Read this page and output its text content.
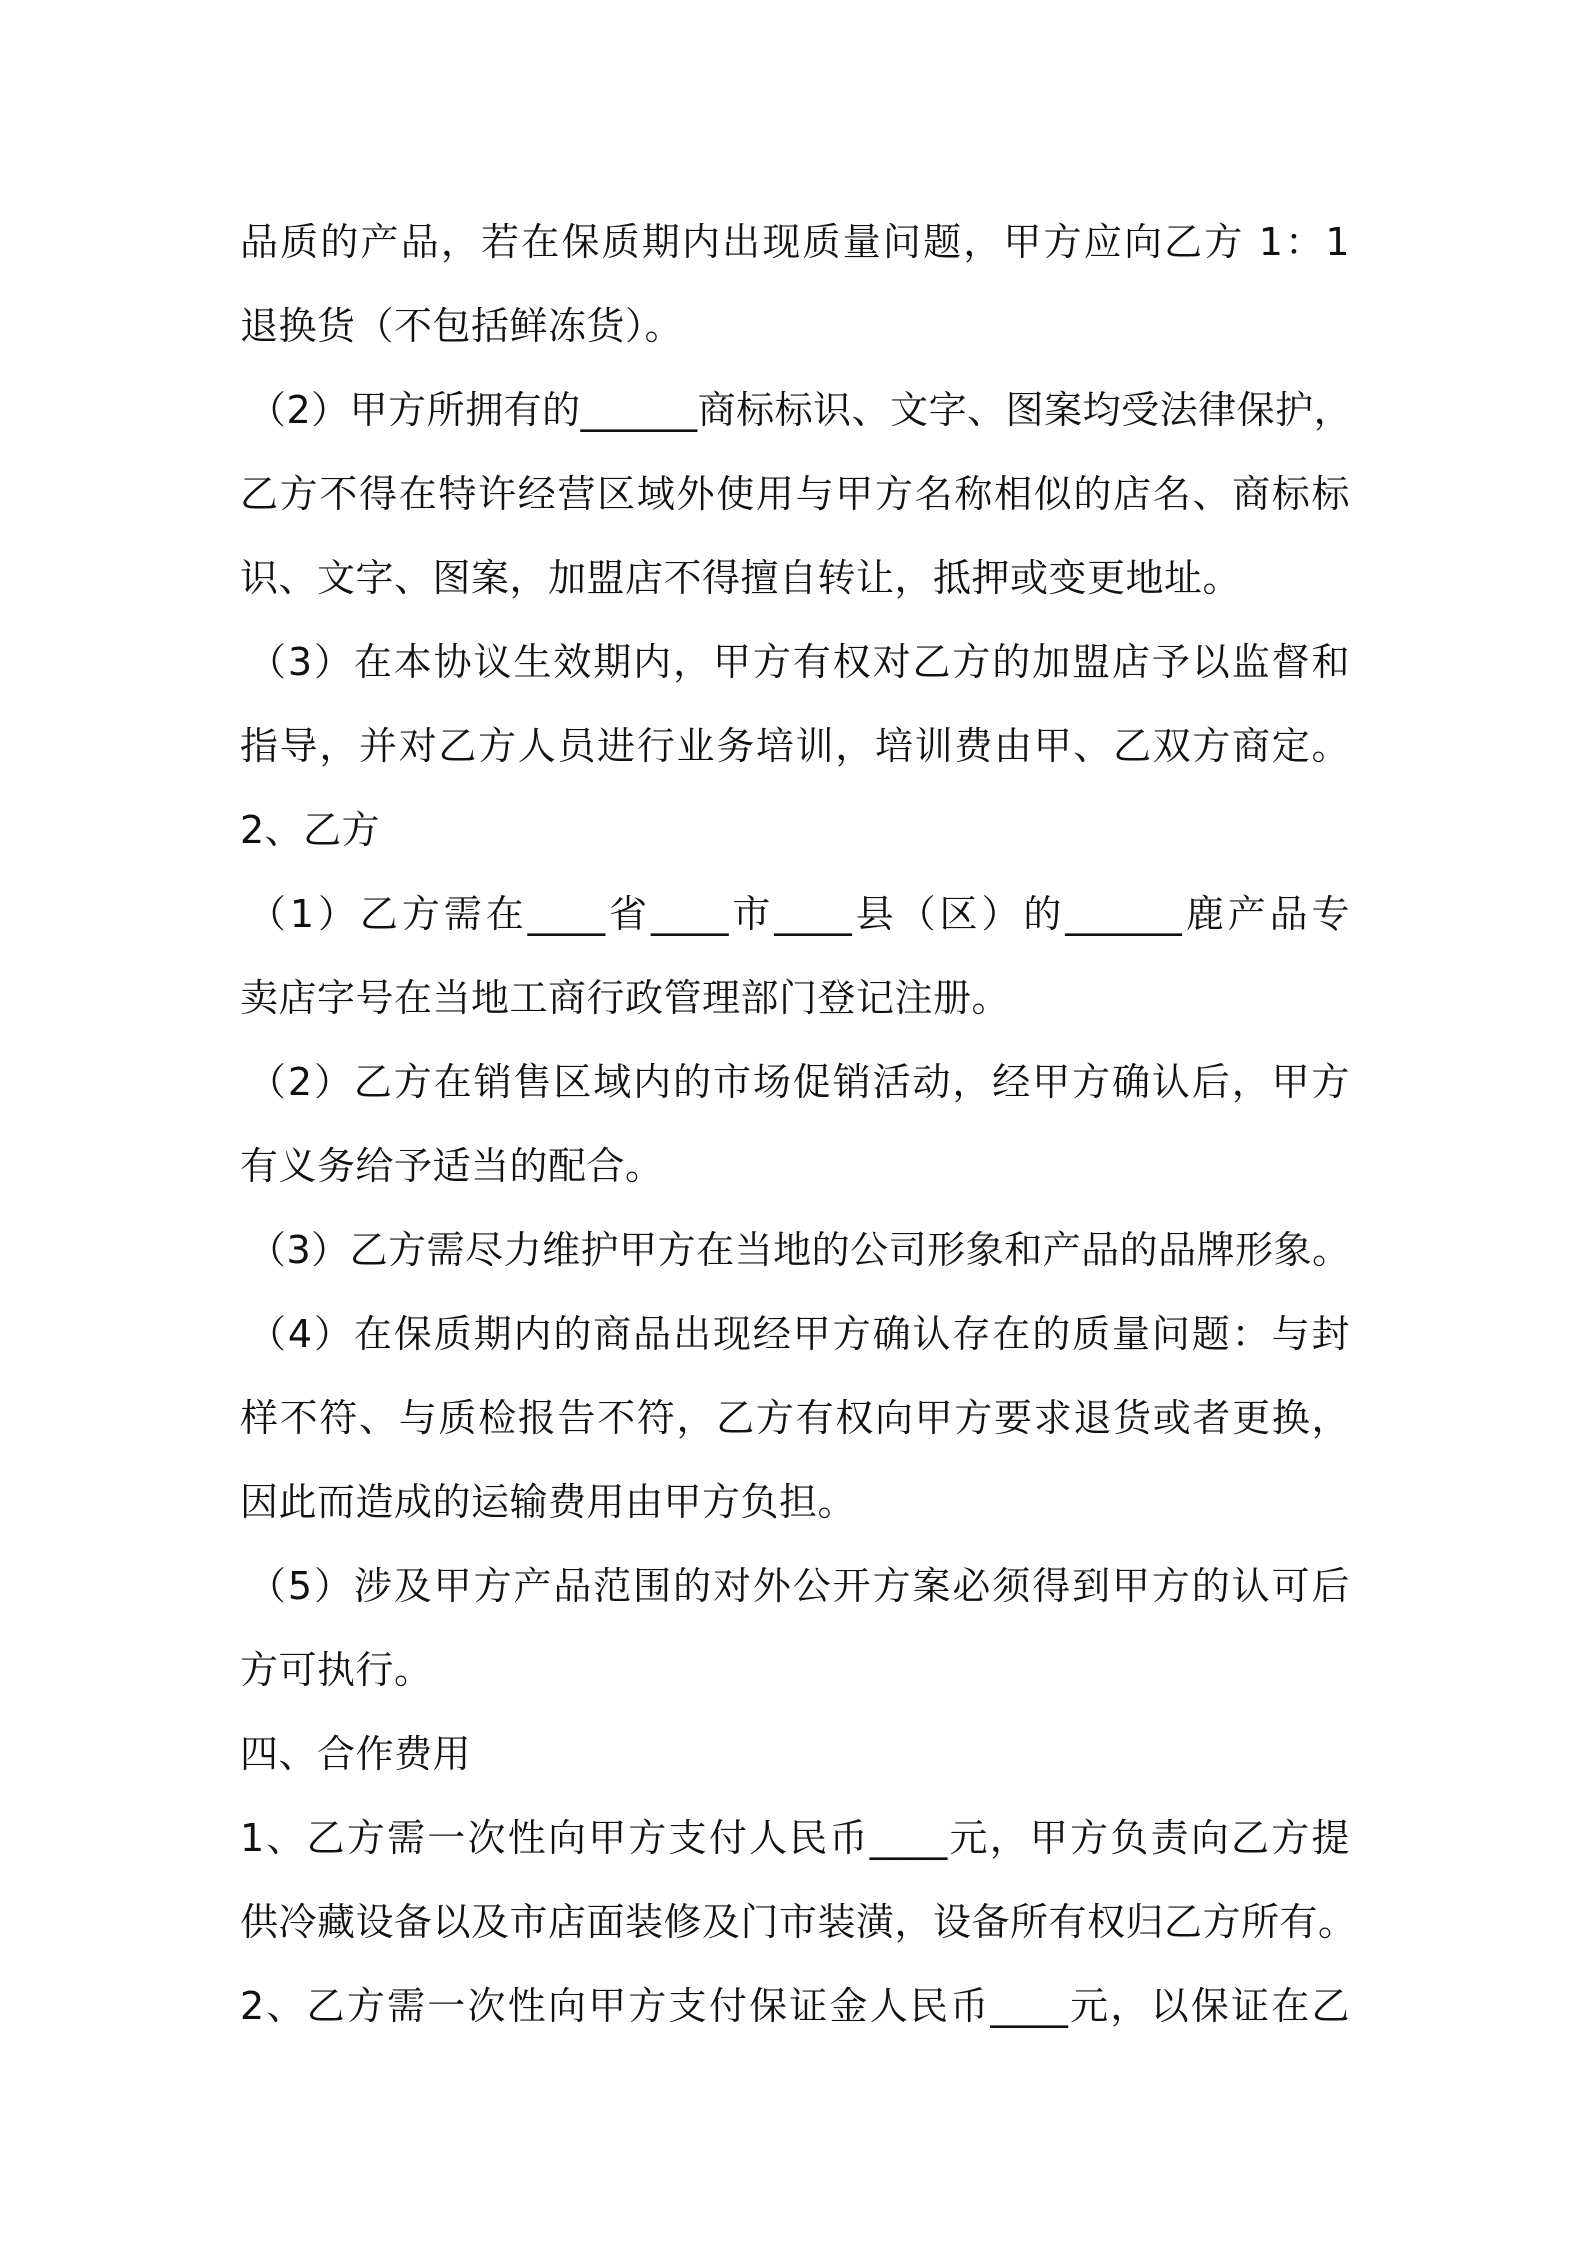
品质的产品，若在保质期内出现质量问题，甲方应向乙方 1：1
退换货（不包括鲜冻货）。
（2）甲方所拥有的______商标标识、文字、图案均受法律保护，
乙方不得在特许经营区域外使用与甲方名称相似的店名、商标标
识、文字、图案，加盟店不得擅自转让，抵押或变更地址。
（3）在本协议生效期内，甲方有权对乙方的加盟店予以监督和
指导，并对乙方人员进行业务培训，培训费由甲、乙双方商定。
2、乙方
（1）乙方需在____省____市____县（区）的______鹿产品专
卖店字号在当地工商行政管理部门登记注册。
（2）乙方在销售区域内的市场促销活动，经甲方确认后，甲方
有义务给予适当的配合。
（3）乙方需尽力维护甲方在当地的公司形象和产品的品牌形象。
（4）在保质期内的商品出现经甲方确认存在的质量问题：与封
样不符、与质检报告不符，乙方有权向甲方要求退货或者更换，
因此而造成的运输费用由甲方负担。
（5）涉及甲方产品范围的对外公开方案必须得到甲方的认可后
方可执行。
四、合作费用
1、乙方需一次性向甲方支付人民币____元，甲方负责向乙方提
供冷藏设备以及市店面装修及门市装潢，设备所有权归乙方所有。
2、乙方需一次性向甲方支付保证金人民币____元，以保证在乙
